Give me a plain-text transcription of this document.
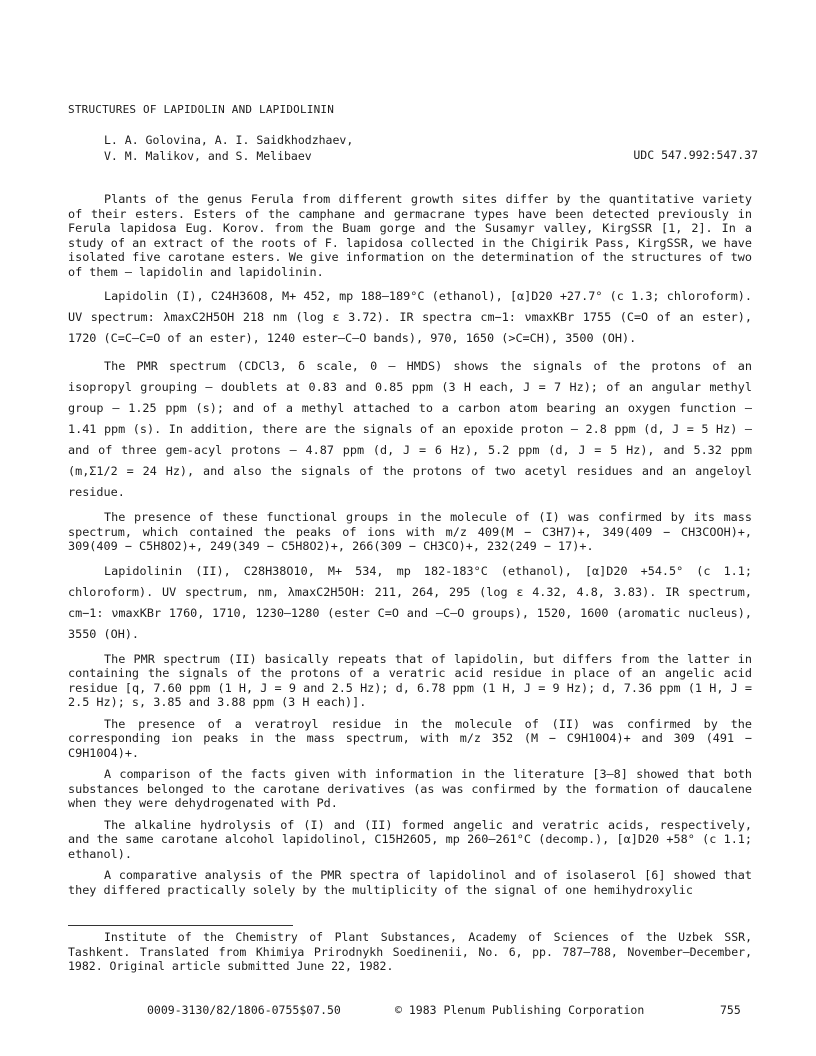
STRUCTURES OF LAPIDOLIN AND LAPIDOLININ
L. A. Golovina, A. I. Saidkhodzhaev,
V. M. Malikov, and S. Melibaev	UDC 547.992:547.37

Plants of the genus Ferula from different growth sites differ by the quantitative variety of their esters. Esters of the camphane and germacrane types have been detected previously in Ferula lapidosa Eug. Korov. from the Buam gorge and the Susamyr valley, KirgSSR [1, 2]. In a study of an extract of the roots of F. lapidosa collected in the Chigirik Pass, KirgSSR, we have isolated five carotane esters. We give information on the determination of the structures of two of them — lapidolin and lapidolinin.

Lapidolin (I), C24H36O8, M+ 452, mp 188—189°C (ethanol), [α]D20 +27.7° (c 1.3; chloroform). UV spectrum: λmaxC2H5OH 218 nm (log ε 3.72). IR spectra cm−1: νmaxKBr 1755 (C=O of an ester), 1720 (C=C—C=O of an ester), 1240 ester—C—O bands), 970, 1650 (>C=CH), 3500 (OH).

The PMR spectrum (CDCl3, δ scale, 0 — HMDS) shows the signals of the protons of an isopropyl grouping — doublets at 0.83 and 0.85 ppm (3 H each, J = 7 Hz); of an angular methyl group — 1.25 ppm (s); and of a methyl attached to a carbon atom bearing an oxygen function — 1.41 ppm (s). In addition, there are the signals of an epoxide proton — 2.8 ppm (d, J = 5 Hz) — and of three gem-acyl protons — 4.87 ppm (d, J = 6 Hz), 5.2 ppm (d, J = 5 Hz), and 5.32 ppm (m,Σ1/2 = 24 Hz), and also the signals of the protons of two acetyl residues and an angeloyl residue.

The presence of these functional groups in the molecule of (I) was confirmed by its mass spectrum, which contained the peaks of ions with m/z 409(M − C3H7)+, 349(409 − CH3COOH)+, 309(409 − C5H8O2)+, 249(349 − C5H8O2)+, 266(309 − CH3CO)+, 232(249 − 17)+.

Lapidolinin (II), C28H38O10, M+ 534, mp 182-183°C (ethanol), [α]D20 +54.5° (c 1.1; chloroform). UV spectrum, nm, λmaxC2H5OH: 211, 264, 295 (log ε 4.32, 4.8, 3.83). IR spectrum, cm−1: νmaxKBr 1760, 1710, 1230—1280 (ester C=O and —C—O groups), 1520, 1600 (aromatic nucleus), 3550 (OH).

The PMR spectrum (II) basically repeats that of lapidolin, but differs from the latter in containing the signals of the protons of a veratric acid residue in place of an angelic acid residue [q, 7.60 ppm (1 H, J = 9 and 2.5 Hz); d, 6.78 ppm (1 H, J = 9 Hz); d, 7.36 ppm (1 H, J = 2.5 Hz); s, 3.85 and 3.88 ppm (3 H each)].

The presence of a veratroyl residue in the molecule of (II) was confirmed by the corresponding ion peaks in the mass spectrum, with m/z 352 (M − C9H10O4)+ and 309 (491 − C9H10O4)+.

A comparison of the facts given with information in the literature [3—8] showed that both substances belonged to the carotane derivatives (as was confirmed by the formation of daucalene when they were dehydrogenated with Pd.

The alkaline hydrolysis of (I) and (II) formed angelic and veratric acids, respectively, and the same carotane alcohol lapidolinol, C15H26O5, mp 260—261°C (decomp.), [α]D20 +58° (c 1.1; ethanol).

A comparative analysis of the PMR spectra of lapidolinol and of isolaserol [6] showed that they differed practically solely by the multiplicity of the signal of one hemihydroxylic

Institute of the Chemistry of Plant Substances, Academy of Sciences of the Uzbek SSR, Tashkent. Translated from Khimiya Prirodnykh Soedinenii, No. 6, pp. 787—788, November—December, 1982. Original article submitted June 22, 1982.

0009-3130/82/1806-0755$07.50	© 1983 Plenum Publishing Corporation	755
